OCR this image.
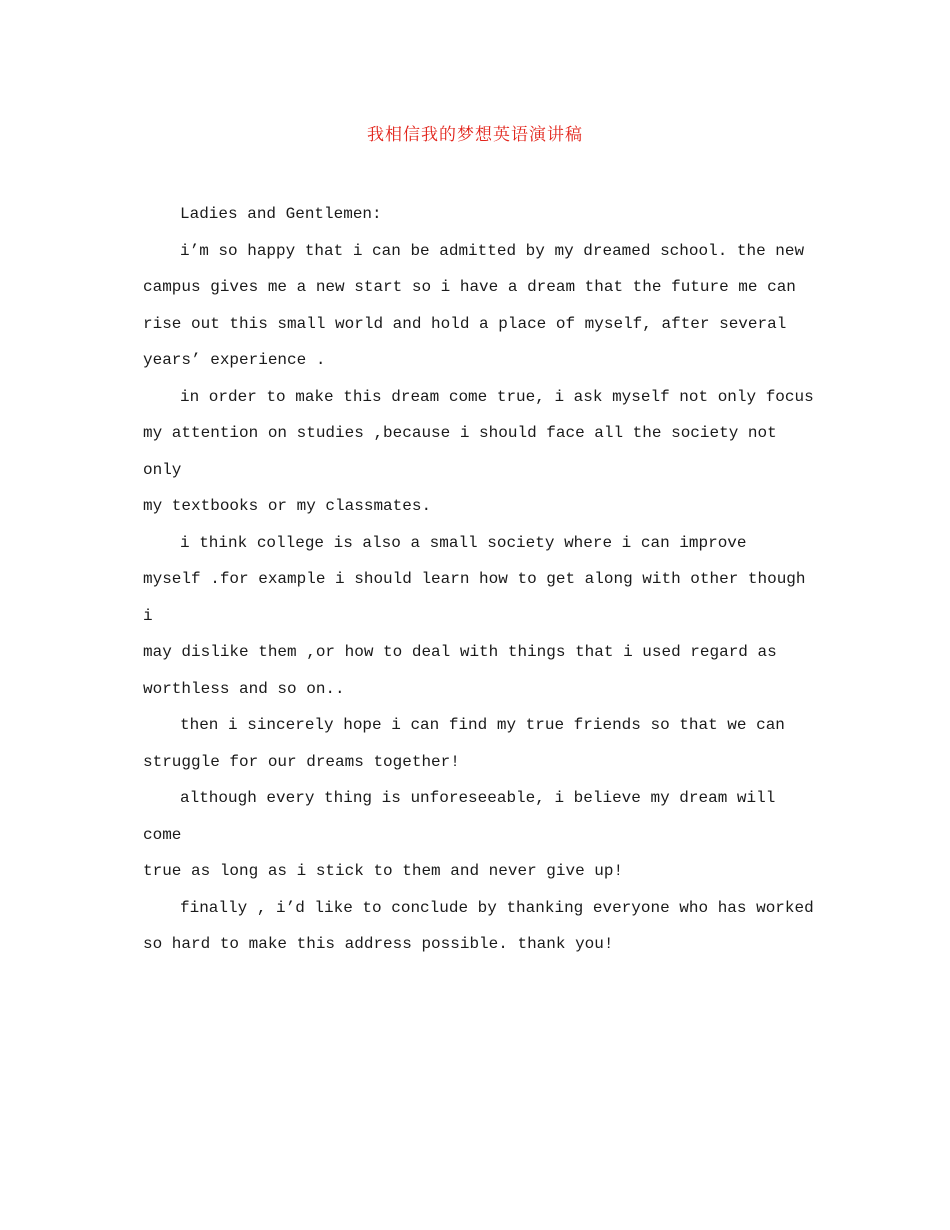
我相信我的梦想英语演讲稿

Ladies and Gentlemen:

i’m so happy that i can be admitted by my dreamed school. the new
campus gives me a new start so i have a dream that the future me can
rise out this small world and hold a place of myself, after several
years’ experience .

in order to make this dream come true, i ask myself not only focus
my attention on studies ,because i should face all the society not only
my textbooks or my classmates.

i think college is also a small society where i can improve
myself .for example i should learn how to get along with other though i
may dislike them ,or how to deal with things that i used regard as
worthless and so on..

then i sincerely hope i can find my true friends so that we can
struggle for our dreams together!

although every thing is unforeseeable, i believe my dream will come
true as long as i stick to them and never give up!

finally , i’d like to conclude by thanking everyone who has worked
so hard to make this address possible. thank you!
